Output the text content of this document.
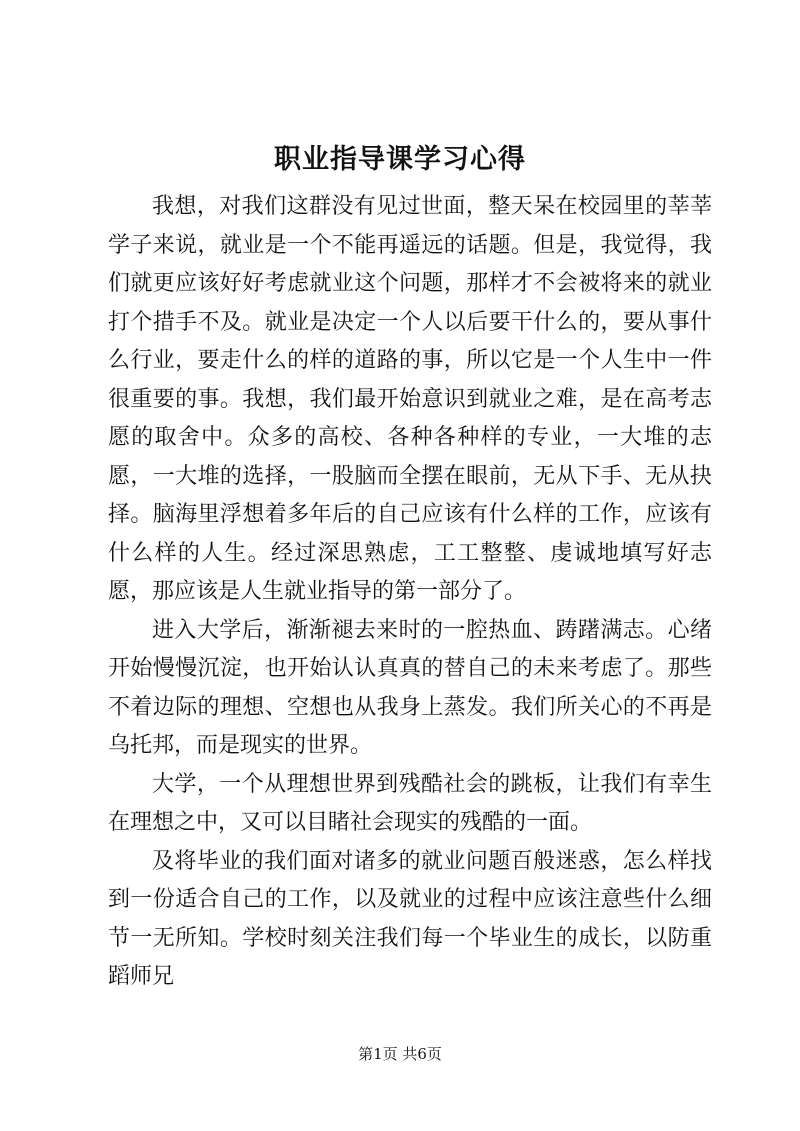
职业指导课学习心得

我想，对我们这群没有见过世面，整天呆在校园里的莘莘学子来说，就业是一个不能再遥远的话题。但是，我觉得，我们就更应该好好考虑就业这个问题，那样才不会被将来的就业打个措手不及。就业是决定一个人以后要干什么的，要从事什么行业，要走什么的样的道路的事，所以它是一个人生中一件很重要的事。我想，我们最开始意识到就业之难，是在高考志愿的取舍中。众多的高校、各种各种样的专业，一大堆的志愿，一大堆的选择，一股脑而全摆在眼前，无从下手、无从抉择。脑海里浮想着多年后的自己应该有什么样的工作，应该有什么样的人生。经过深思熟虑，工工整整、虔诚地填写好志愿，那应该是人生就业指导的第一部分了。

进入大学后，渐渐褪去来时的一腔热血、踌躇满志。心绪开始慢慢沉淀，也开始认认真真的替自己的未来考虑了。那些不着边际的理想、空想也从我身上蒸发。我们所关心的不再是乌托邦，而是现实的世界。

大学，一个从理想世界到残酷社会的跳板，让我们有幸生在理想之中，又可以目睹社会现实的残酷的一面。

及将毕业的我们面对诸多的就业问题百般迷惑，怎么样找到一份适合自己的工作，以及就业的过程中应该注意些什么细节一无所知。学校时刻关注我们每一个毕业生的成长，以防重蹈师兄

第1页 共6页
